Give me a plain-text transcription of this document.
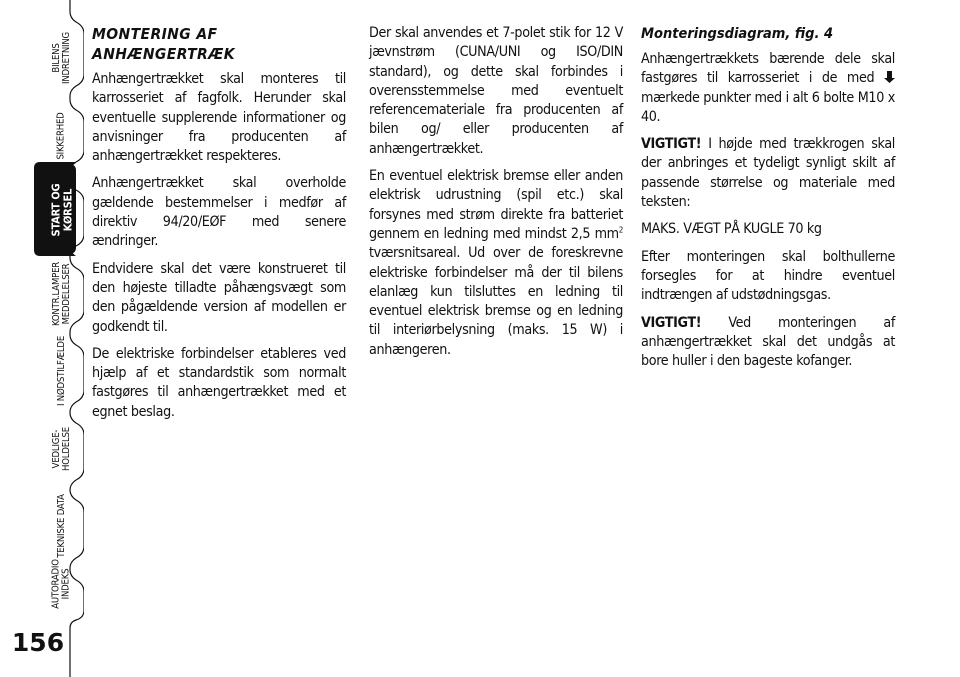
BILENS
INDRETNING
SIKKERHED
START OG
KØRSEL
KONTR.LAMPER
MEDDELELSER
I NØDSTILFÆLDE
VEDLIGE-
HOLDELSE
TEKNISKE DATA
AUTORADIO
INDEKS
156
MONTERING AF
ANHÆNGERTRÆK

Anhængertrækket skal monteres til karrosseriet af fagfolk. Herunder skal eventuelle supplerende informationer og anvisninger fra producenten af anhængertrækket respekteres.

Anhængertrækket skal overholde gældende bestemmelser i medfør af direktiv 94/20/EØF med senere ændringer.

Endvidere skal det være konstrueret til den højeste tilladte påhængsvægt som den pågældende version af modellen er godkendt til.

De elektriske forbindelser etableres ved hjælp af et standardstik som normalt fastgøres til anhængertrækket med et egnet beslag.

Der skal anvendes et 7-polet stik for 12 V jævnstrøm (CUNA/UNI og ISO/DIN standard), og dette skal forbindes i overensstemmelse med eventuelt referencemateriale fra producenten af bilen og/ eller producenten af anhængertrækket.

En eventuel elektrisk bremse eller anden elektrisk udrustning (spil etc.) skal forsynes med strøm direkte fra batteriet gennem en ledning med mindst 2,5 $mm^2$ tværsnitsareal. Ud over de foreskrevne elektriske forbindelser må der til bilens elanlæg kun tilsluttes en ledning til eventuel elektrisk bremse og en ledning til interiørbelysning (maks. 15 W) i anhængeren.

Monteringsdiagram, fig. 4

Anhængertrækkets bærende dele skal fastgøres til karrosseriet i de med  mærkede punkter med i alt 6 bolte M10 x 40.

VIGTIGT! I højde med trækkrogen skal der anbringes et tydeligt synligt skilt af passende størrelse og materiale med teksten:

MAKS. VÆGT PÅ KUGLE 70 kg

Efter monteringen skal bolthullerne forsegles for at hindre eventuel indtrængen af udstødningsgas.

VIGTIGT! Ved monteringen af anhængertrækket skal det undgås at bore huller i den bageste kofanger.
